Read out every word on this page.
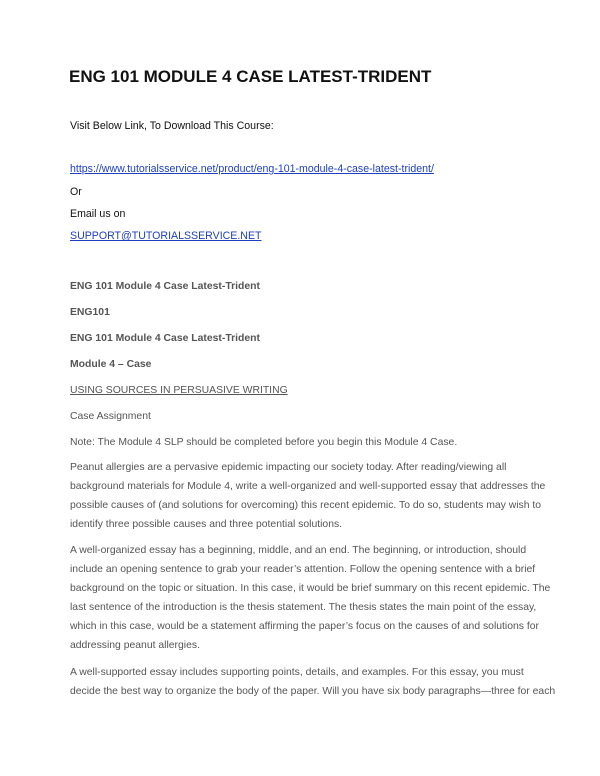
ENG 101 MODULE 4 CASE LATEST-TRIDENT
Visit Below Link, To Download This Course:
https://www.tutorialsservice.net/product/eng-101-module-4-case-latest-trident/
Or
Email us on
SUPPORT@TUTORIALSSERVICE.NET
ENG 101 Module 4 Case Latest-Trident
ENG101
ENG 101 Module 4 Case Latest-Trident
Module 4 – Case
USING SOURCES IN PERSUASIVE WRITING
Case Assignment
Note: The Module 4 SLP should be completed before you begin this Module 4 Case.
Peanut allergies are a pervasive epidemic impacting our society today. After reading/viewing all
background materials for Module 4, write a well-organized and well-supported essay that addresses the
possible causes of (and solutions for overcoming) this recent epidemic. To do so, students may wish to
identify three possible causes and three potential solutions.
A well-organized essay has a beginning, middle, and an end. The beginning, or introduction, should
include an opening sentence to grab your reader’s attention. Follow the opening sentence with a brief
background on the topic or situation. In this case, it would be brief summary on this recent epidemic. The
last sentence of the introduction is the thesis statement. The thesis states the main point of the essay,
which in this case, would be a statement affirming the paper’s focus on the causes of and solutions for
addressing peanut allergies.
A well-supported essay includes supporting points, details, and examples. For this essay, you must
decide the best way to organize the body of the paper. Will you have six body paragraphs—three for each
